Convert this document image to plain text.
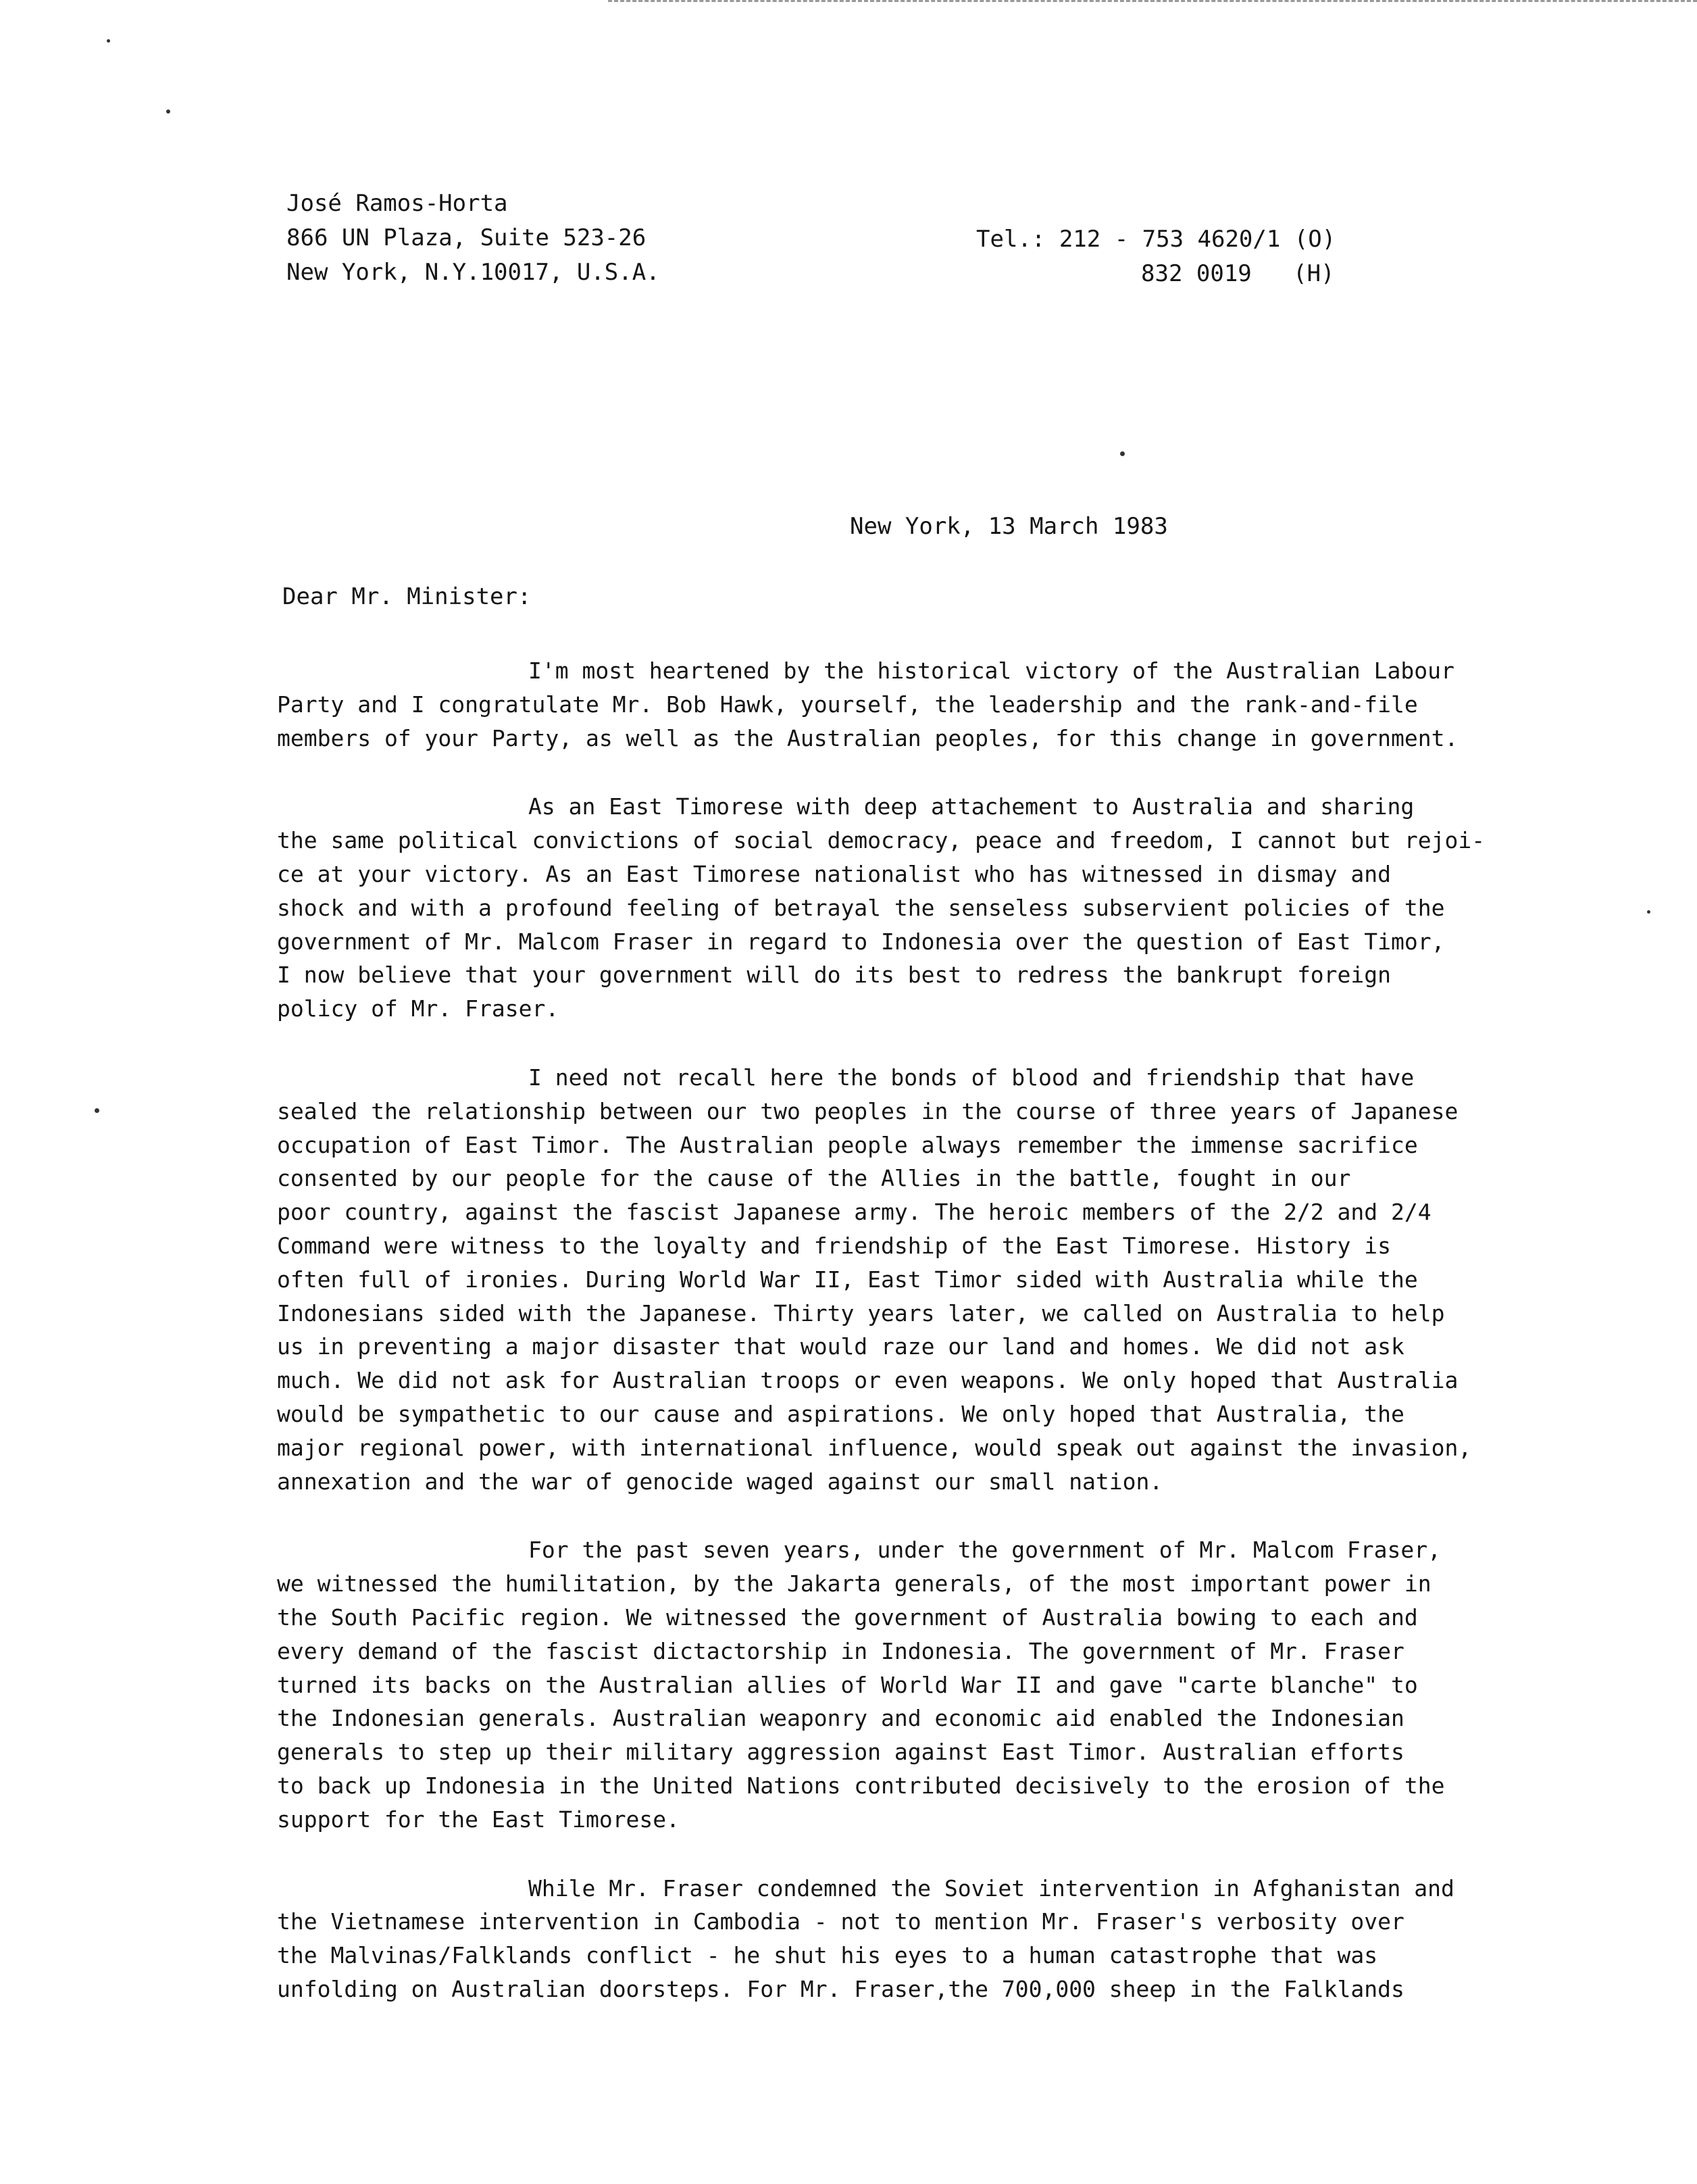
José Ramos-Horta
866 UN Plaza, Suite 523-26
New York, N.Y.10017, U.S.A.
Tel.: 212 - 753 4620/1 (O)
832 0019   (H)
New York, 13 March 1983
Dear Mr. Minister:
I'm most heartened by the historical victory of the Australian Labour
Party and I congratulate Mr. Bob Hawk, yourself, the leadership and the rank-and-file
members of your Party, as well as the Australian peoples, for this change in government.
As an East Timorese with deep attachement to Australia and sharing
the same political convictions of social democracy, peace and freedom, I cannot but rejoi-
ce at your victory. As an East Timorese nationalist who has witnessed in dismay and
shock and with a profound feeling of betrayal the senseless subservient policies of the
government of Mr. Malcom Fraser in regard to Indonesia over the question of East Timor,
I now believe that your government will do its best to redress the bankrupt foreign
policy of Mr. Fraser.
I need not recall here the bonds of blood and friendship that have
sealed the relationship between our two peoples in the course of three years of Japanese
occupation of East Timor. The Australian people always remember the immense sacrifice
consented by our people for the cause of the Allies in the battle, fought in our
poor country, against the fascist Japanese army. The heroic members of the 2/2 and 2/4
Command were witness to the loyalty and friendship of the East Timorese. History is
often full of ironies. During World War II, East Timor sided with Australia while the
Indonesians sided with the Japanese. Thirty years later, we called on Australia to help
us in preventing a major disaster that would raze our land and homes. We did not ask
much. We did not ask for Australian troops or even weapons. We only hoped that Australia
would be sympathetic to our cause and aspirations. We only hoped that Australia, the
major regional power, with international influence, would speak out against the invasion,
annexation and the war of genocide waged against our small nation.
For the past seven years, under the government of Mr. Malcom Fraser,
we witnessed the humilitation, by the Jakarta generals, of the most important power in
the South Pacific region. We witnessed the government of Australia bowing to each and
every demand of the fascist dictactorship in Indonesia. The government of Mr. Fraser
turned its backs on the Australian allies of World War II and gave "carte blanche" to
the Indonesian generals. Australian weaponry and economic aid enabled the Indonesian
generals to step up their military aggression against East Timor. Australian efforts
to back up Indonesia in the United Nations contributed decisively to the erosion of the
support for the East Timorese.
While Mr. Fraser condemned the Soviet intervention in Afghanistan and
the Vietnamese intervention in Cambodia - not to mention Mr. Fraser's verbosity over
the Malvinas/Falklands conflict - he shut his eyes to a human catastrophe that was
unfolding on Australian doorsteps. For Mr. Fraser,the 700,000 sheep in the Falklands
